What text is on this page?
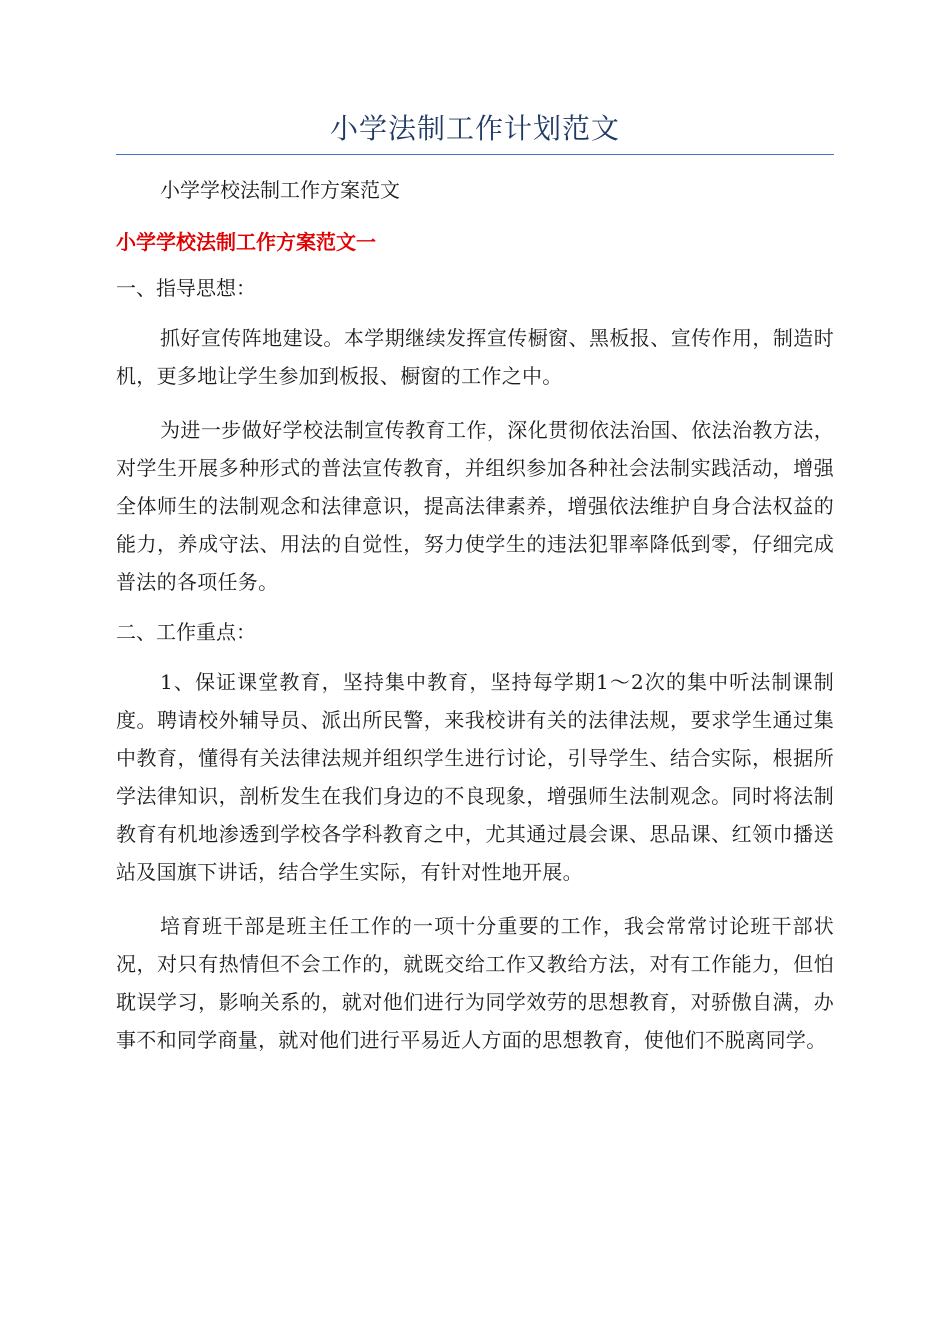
小学法制工作计划范文

小学学校法制工作方案范文

小学学校法制工作方案范文一

一、指导思想：

抓好宣传阵地建设。本学期继续发挥宣传橱窗、黑板报、宣传作用，制造时机，更多地让学生参加到板报、橱窗的工作之中。

为进一步做好学校法制宣传教育工作，深化贯彻依法治国、依法治教方法，对学生开展多种形式的普法宣传教育，并组织参加各种社会法制实践活动，增强全体师生的法制观念和法律意识，提高法律素养，增强依法维护自身合法权益的能力，养成守法、用法的自觉性，努力使学生的违法犯罪率降低到零，仔细完成普法的各项任务。

二、工作重点：

1、保证课堂教育，坚持集中教育，坚持每学期1～2次的集中听法制课制度。聘请校外辅导员、派出所民警，来我校讲有关的法律法规，要求学生通过集中教育，懂得有关法律法规并组织学生进行讨论，引导学生、结合实际，根据所学法律知识，剖析发生在我们身边的不良现象，增强师生法制观念。同时将法制教育有机地渗透到学校各学科教育之中，尤其通过晨会课、思品课、红领巾播送站及国旗下讲话，结合学生实际，有针对性地开展。

培育班干部是班主任工作的一项十分重要的工作，我会常常讨论班干部状况，对只有热情但不会工作的，就既交给工作又教给方法，对有工作能力，但怕耽误学习，影响关系的，就对他们进行为同学效劳的思想教育，对骄傲自满，办事不和同学商量，就对他们进行平易近人方面的思想教育，使他们不脱离同学。
